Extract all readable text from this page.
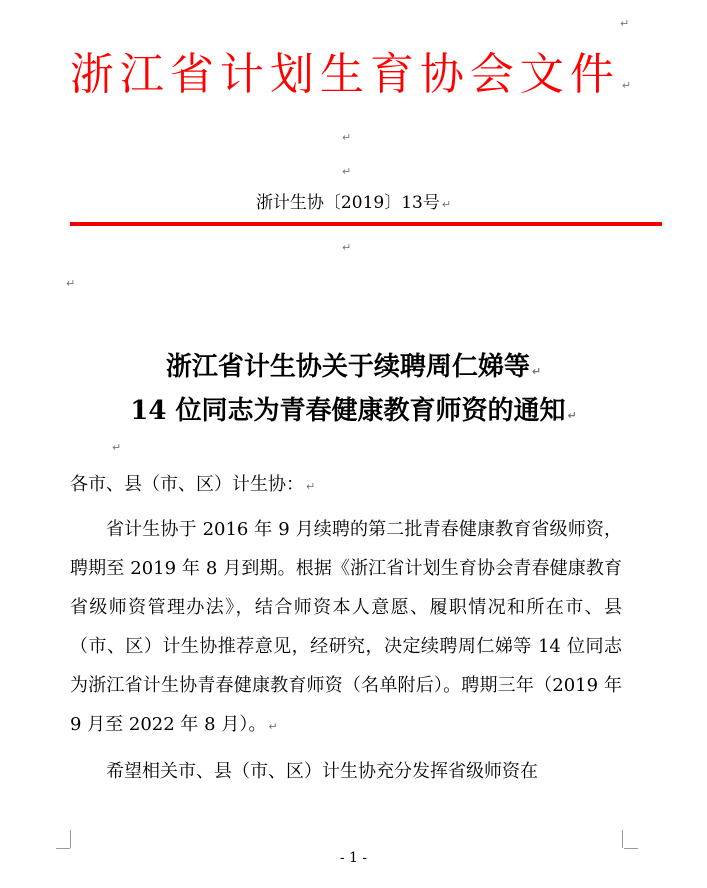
↵
浙江省计划生育协会文件 ↵
↵
↵
浙计生协〔2019〕13号 ↵
↵
↵
浙江省计生协关于续聘周仁娣等 ↵
14 位同志为青春健康教育师资的通知 ↵
↵
各市、县（市、区）计生协： ↵
省计生协于 2016 年 9 月续聘的第二批青春健康教育省级师资，聘期至 2019 年 8 月到期。根据《浙江省计划生育协会青春健康教育省级师资管理办法》，结合师资本人意愿、履职情况和所在市、县（市、区）计生协推荐意见，经研究，决定续聘周仁娣等 14 位同志为浙江省计生协青春健康教育师资（名单附后）。聘期三年（2019 年 9 月至 2022 年 8 月）。 ↵
希望相关市、县（市、区）计生协充分发挥省级师资在
- 1 -
